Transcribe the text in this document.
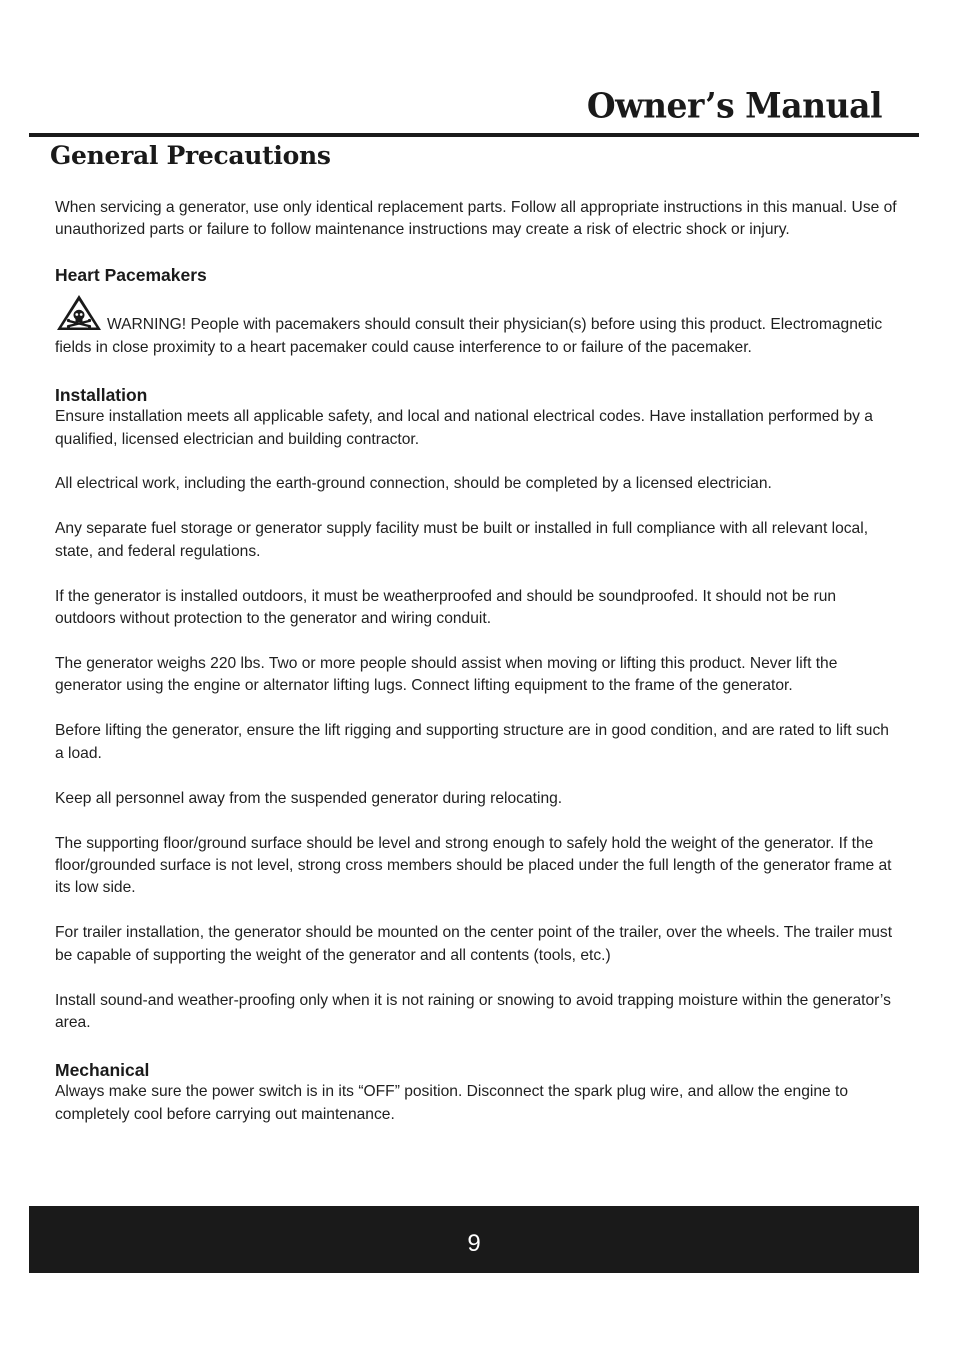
Owner’s Manual
General Precautions

When servicing a generator, use only identical replacement parts. Follow all appropriate instructions in this manual. Use of unauthorized parts or failure to follow maintenance instructions may create a risk of electric shock or injury.

Heart Pacemakers

WARNING! People with pacemakers should consult their physician(s) before using this product. Electromagnetic fields in close proximity to a heart pacemaker could cause interference to or failure of the pacemaker.

Installation

Ensure installation meets all applicable safety, and local and national electrical codes. Have installation performed by a qualified, licensed electrician and building contractor.

All electrical work, including the earth-ground connection, should be completed by a licensed electrician.

Any separate fuel storage or generator supply facility must be built or installed in full compliance with all relevant local, state, and federal regulations.

If the generator is installed outdoors, it must be weatherproofed and should be soundproofed. It should not be run outdoors without protection to the generator and wiring conduit.

The generator weighs 220 lbs. Two or more people should assist when moving or lifting this product. Never lift the generator using the engine or alternator lifting lugs. Connect lifting equipment to the frame of the generator.

Before lifting the generator, ensure the lift rigging and supporting structure are in good condition, and are rated to lift such a load.

Keep all personnel away from the suspended generator during relocating.

The supporting floor/ground surface should be level and strong enough to safely hold the weight of the generator. If the floor/grounded surface is not level, strong cross members should be placed under the full length of the generator frame at its low side.

For trailer installation, the generator should be mounted on the center point of the trailer, over the wheels. The trailer must be capable of supporting the weight of the generator and all contents (tools, etc.)

Install sound-and weather-proofing only when it is not raining or snowing to avoid trapping moisture within the generator’s area.

Mechanical

Always make sure the power switch is in its “OFF” position. Disconnect the spark plug wire, and allow the engine to completely cool before carrying out maintenance.

9
